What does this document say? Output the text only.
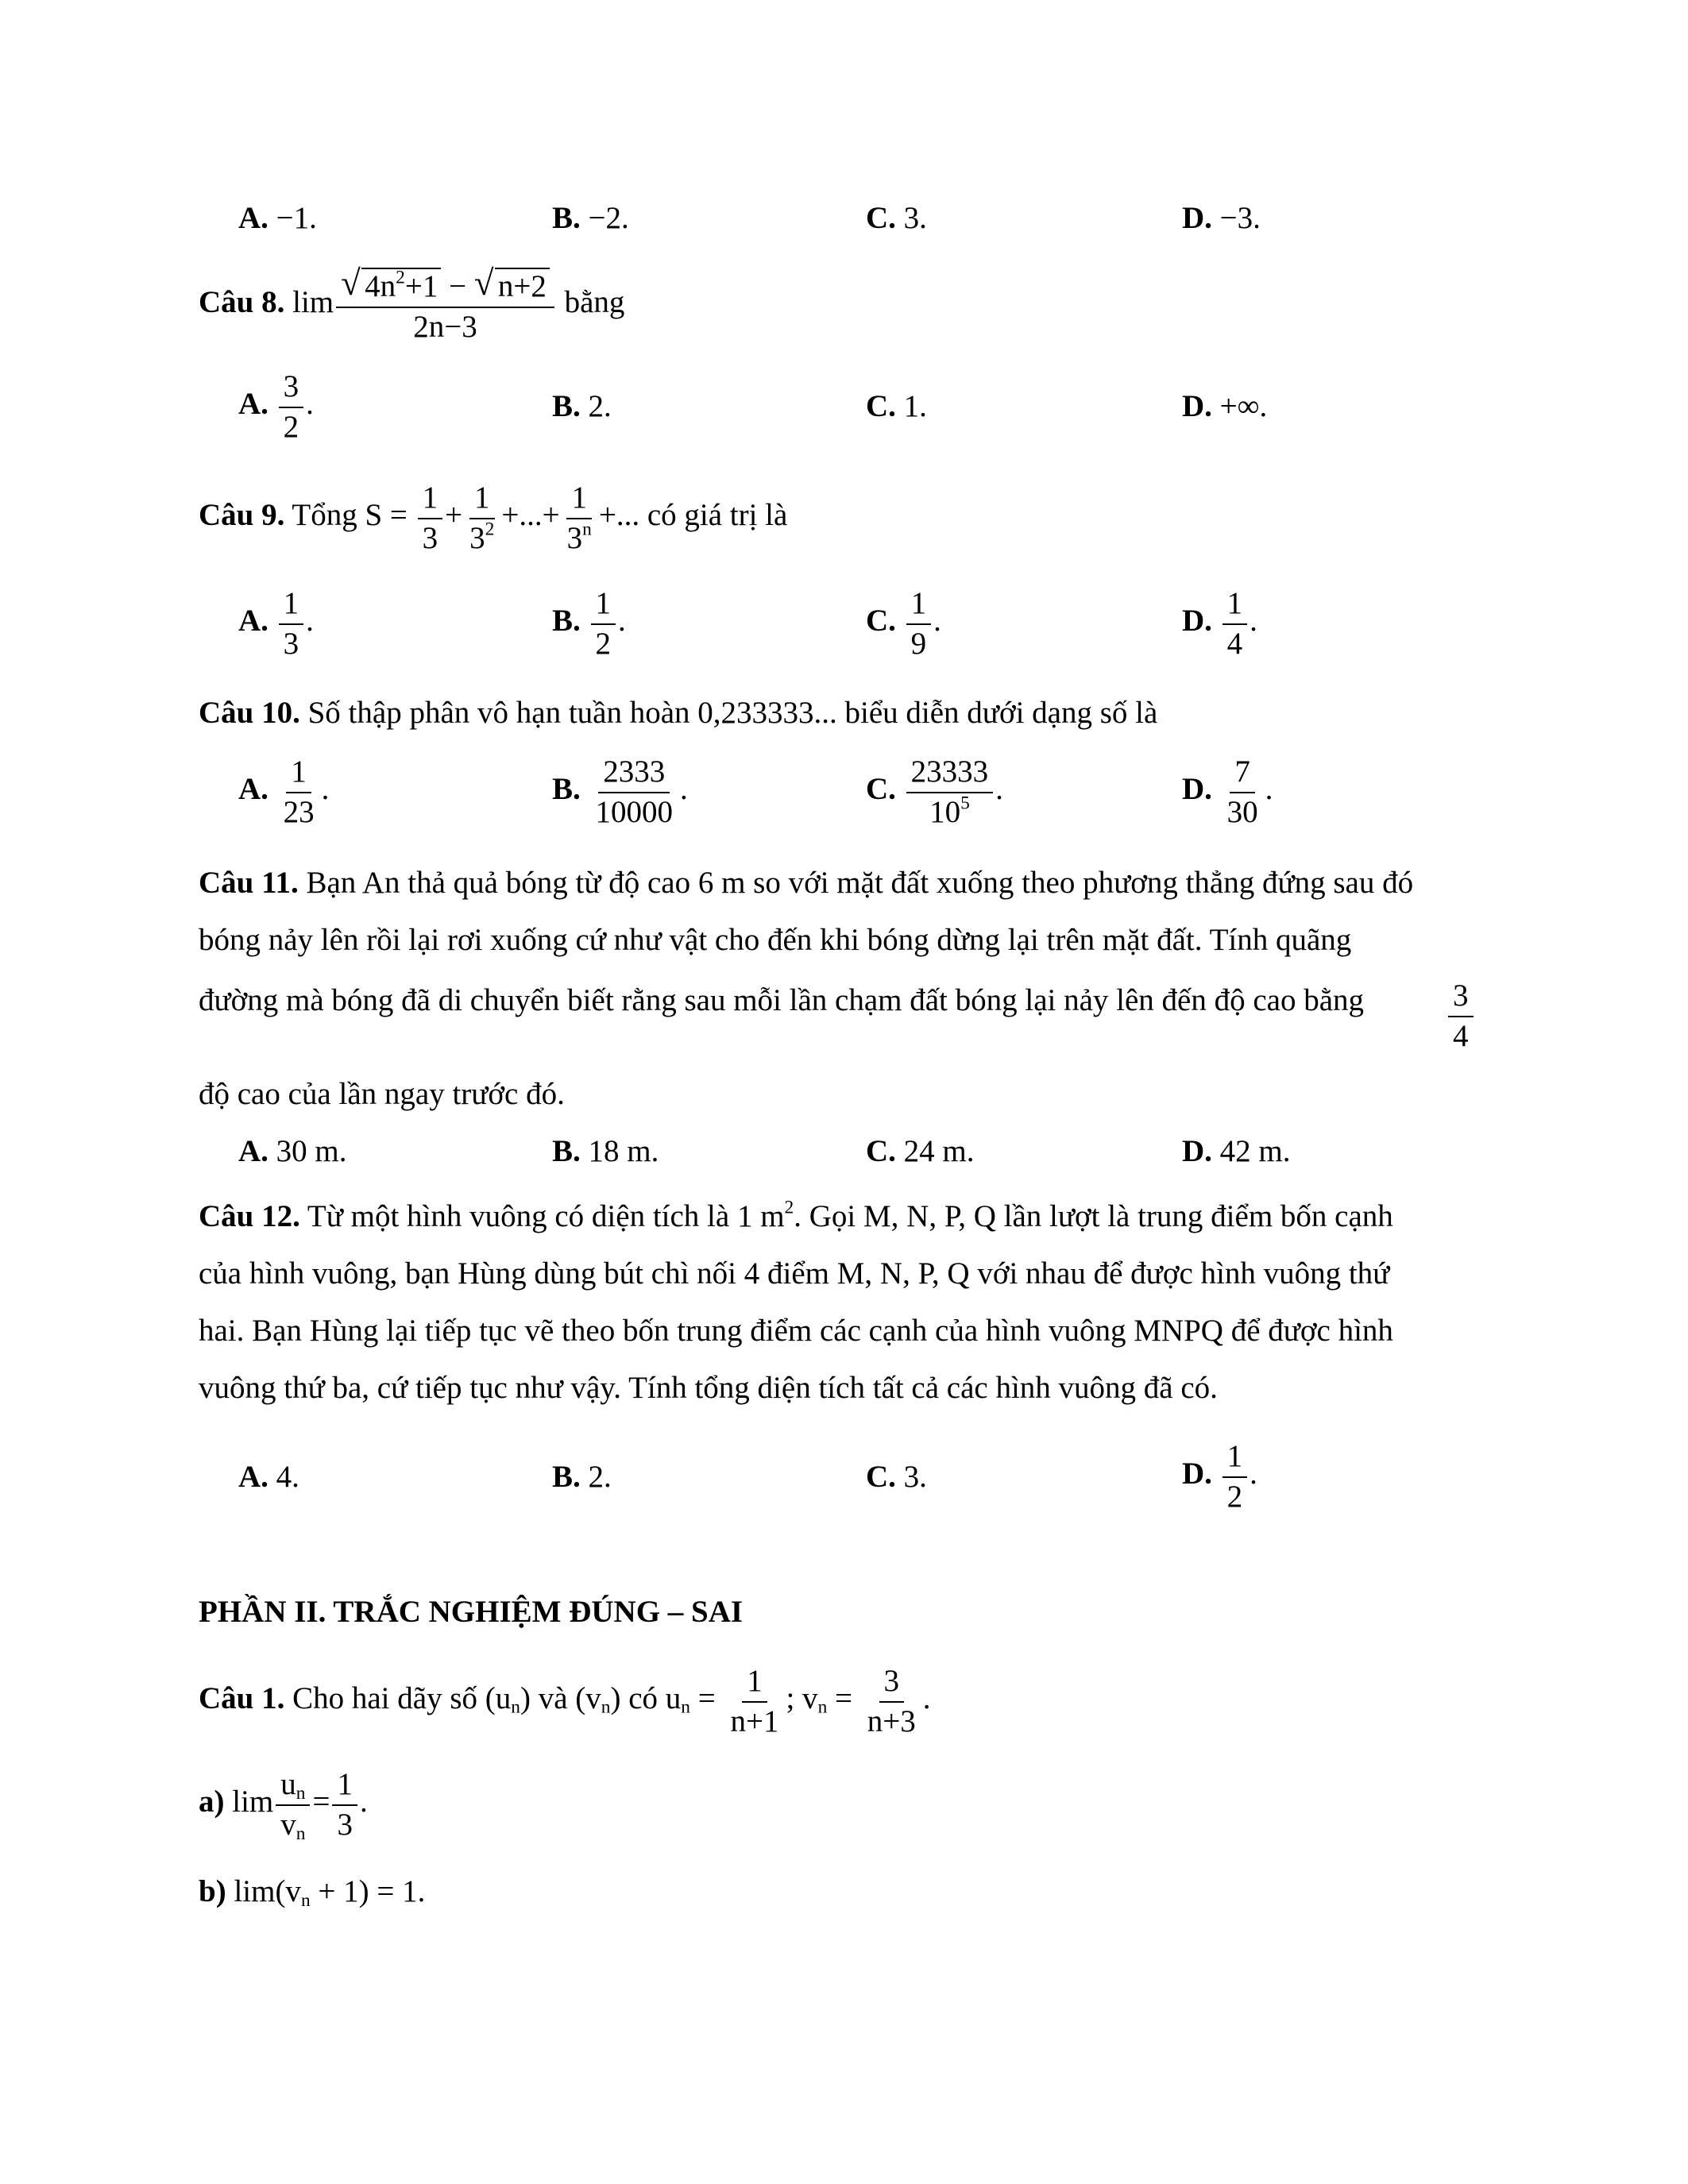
A. −1.	B. −2.	C. 3.	D. −3.
Câu 8. lim √ $\frac{4n^2+1 - √ n+2}{2n-3}$ bằng
A. $\frac{3}{2}$ .	B. 2.	C. 1.	D. +∞.
Câu 9. Tổng $S = \frac{1}{3} + \frac{1}{3^2}$ +...+ $\frac{1}{3^n}$ +... có giá trị là
A. $\frac{1}{3}$ .	B. $\frac{1}{2}$ .	C. $\frac{1}{9}$ .	D. $\frac{1}{4}$ .
Câu 10. Số thập phân vô hạn tuần hoàn 0,233333... biểu diễn dưới dạng số là
A. $\frac{1}{23}$ .	B. $\frac{2333}{10000}$ .	C. $\frac{23333}{10^5}$ .	D. $\frac{7}{30}$ .
Câu 11. Bạn An thả quả bóng từ độ cao 6 m so với mặt đất xuống theo phương thẳng đứng sau đó
bóng nảy lên rồi lại rơi xuống cứ như vật cho đến khi bóng dừng lại trên mặt đất. Tính quãng
đường mà bóng đã di chuyển biết rằng sau mỗi lần chạm đất bóng lại nảy lên đến độ cao bằng	$\frac{3}{4}$
độ cao của lần ngay trước đó.
A. 30 m.	B. 18 m.	C. 24 m.	D. 42 m.
Câu 12. Từ một hình vuông có diện tích là 1 $m^2$. Gọi M, N, P, Q lần lượt là trung điểm bốn cạnh
của hình vuông, bạn Hùng dùng bút chì nối 4 điểm M, N, P, Q với nhau để được hình vuông thứ
hai. Bạn Hùng lại tiếp tục vẽ theo bốn trung điểm các cạnh của hình vuông MNPQ để được hình
vuông thứ ba, cứ tiếp tục như vậy. Tính tổng diện tích tất cả các hình vuông đã có.
A. 4.	B. 2.	C. 3.	D. $\frac{1}{2}$ .
PHẦN II. TRẮC NGHIỆM ĐÚNG – SAI
Câu 1. Cho hai dãy số $(u_n)$ và $(v_n)$ có $u_n = \frac{1}{n+1}$ ; $v_n = \frac{3}{n+3}$ .
a) $\lim \frac{u_n}{v_n} = \frac{1}{3}$ .
b) $\lim(v_n + 1) = 1$.
